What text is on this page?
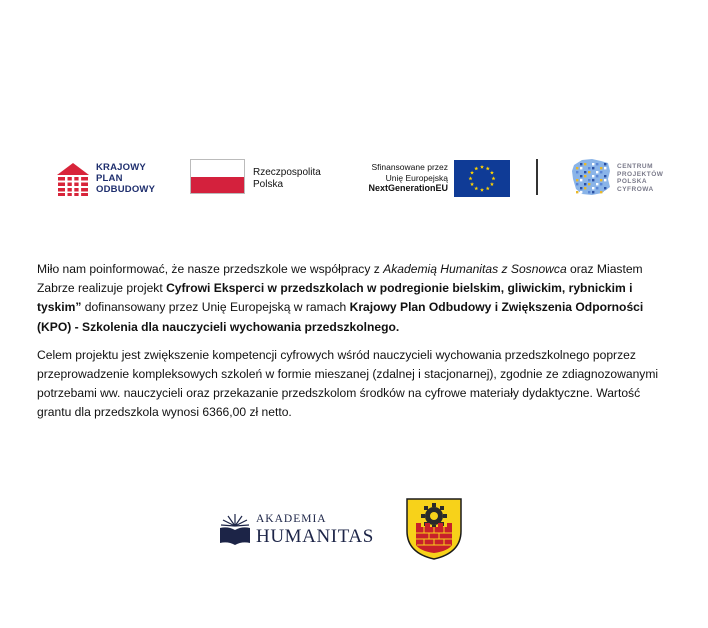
KRAJOWY
PLAN
ODBUDOWY
Rzeczpospolita
Polska
Sfinansowane przez
Unię Europejską
NextGenerationEU
CENTRUM
PROJEKTÓW
POLSKA
CYFROWA

Miło nam poinformować, że nasze przedszkole we współpracy z Akademią Humanitas z Sosnowca oraz Miastem Zabrze realizuje projekt Cyfrowi Eksperci w przedszkolach w podregionie bielskim, gliwickim, rybnickim i tyskim” dofinansowany przez Unię Europejską w ramach Krajowy Plan Odbudowy i Zwiększenia Odporności (KPO) - Szkolenia dla nauczycieli wychowania przedszkolnego.

Celem projektu jest zwiększenie kompetencji cyfrowych wśród nauczycieli wychowania przedszkolnego poprzez przeprowadzenie kompleksowych szkoleń w formie mieszanej (zdalnej i stacjonarnej), zgodnie ze zdiagnozowanymi potrzebami ww. nauczycieli oraz przekazanie przedszkolom środków na cyfrowe materiały dydaktyczne. Wartość grantu dla przedszkola wynosi 6366,00 zł netto.

AKADEMIA
HUMANITAS
